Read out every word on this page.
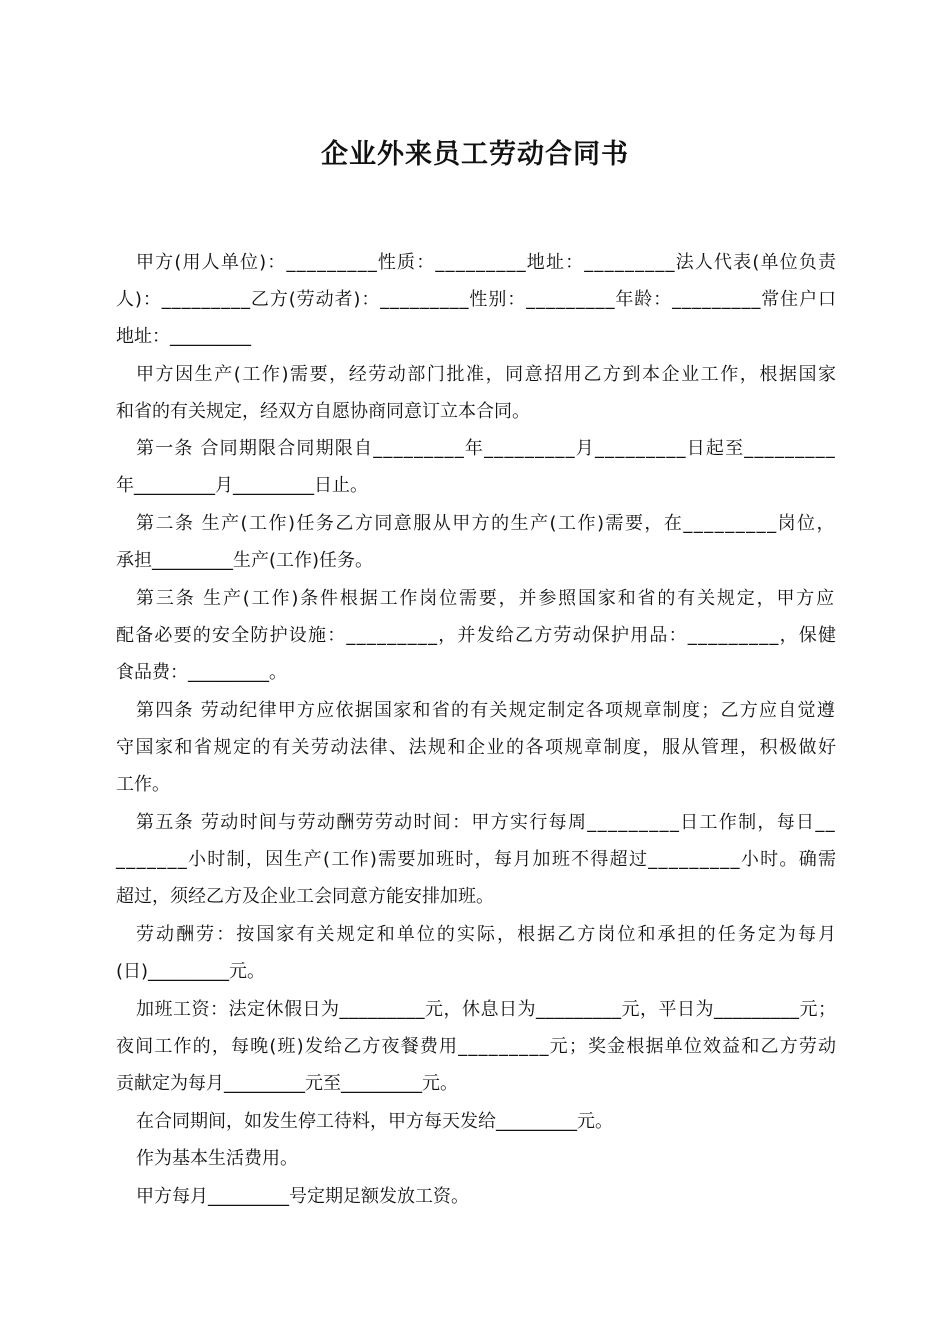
企业外来员工劳动合同书
甲方(用人单位)：_________性质：_________地址：_________法人代表(单位负责
人)：_________乙方(劳动者)：_________性别：_________年龄：_________常住户口
地址：_________
甲方因生产(工作)需要，经劳动部门批准，同意招用乙方到本企业工作，根据国家
和省的有关规定，经双方自愿协商同意订立本合同。
第一条 合同期限合同期限自_________年_________月_________日起至_________
年_________月_________日止。
第二条 生产(工作)任务乙方同意服从甲方的生产(工作)需要，在_________岗位，
承担_________生产(工作)任务。
第三条 生产(工作)条件根据工作岗位需要，并参照国家和省的有关规定，甲方应
配备必要的安全防护设施：_________，并发给乙方劳动保护用品：_________，保健
食品费：_________。
第四条 劳动纪律甲方应依据国家和省的有关规定制定各项规章制度；乙方应自觉遵
守国家和省规定的有关劳动法律、法规和企业的各项规章制度，服从管理，积极做好
工作。
第五条 劳动时间与劳动酬劳劳动时间：甲方实行每周_________日工作制，每日__
_______小时制，因生产(工作)需要加班时，每月加班不得超过_________小时。确需
超过，须经乙方及企业工会同意方能安排加班。
劳动酬劳：按国家有关规定和单位的实际，根据乙方岗位和承担的任务定为每月
(日)_________元。
加班工资：法定休假日为_________元，休息日为_________元，平日为_________元；
夜间工作的，每晚(班)发给乙方夜餐费用_________元；奖金根据单位效益和乙方劳动
贡献定为每月_________元至_________元。
在合同期间，如发生停工待料，甲方每天发给_________元。
作为基本生活费用。
甲方每月_________号定期足额发放工资。
